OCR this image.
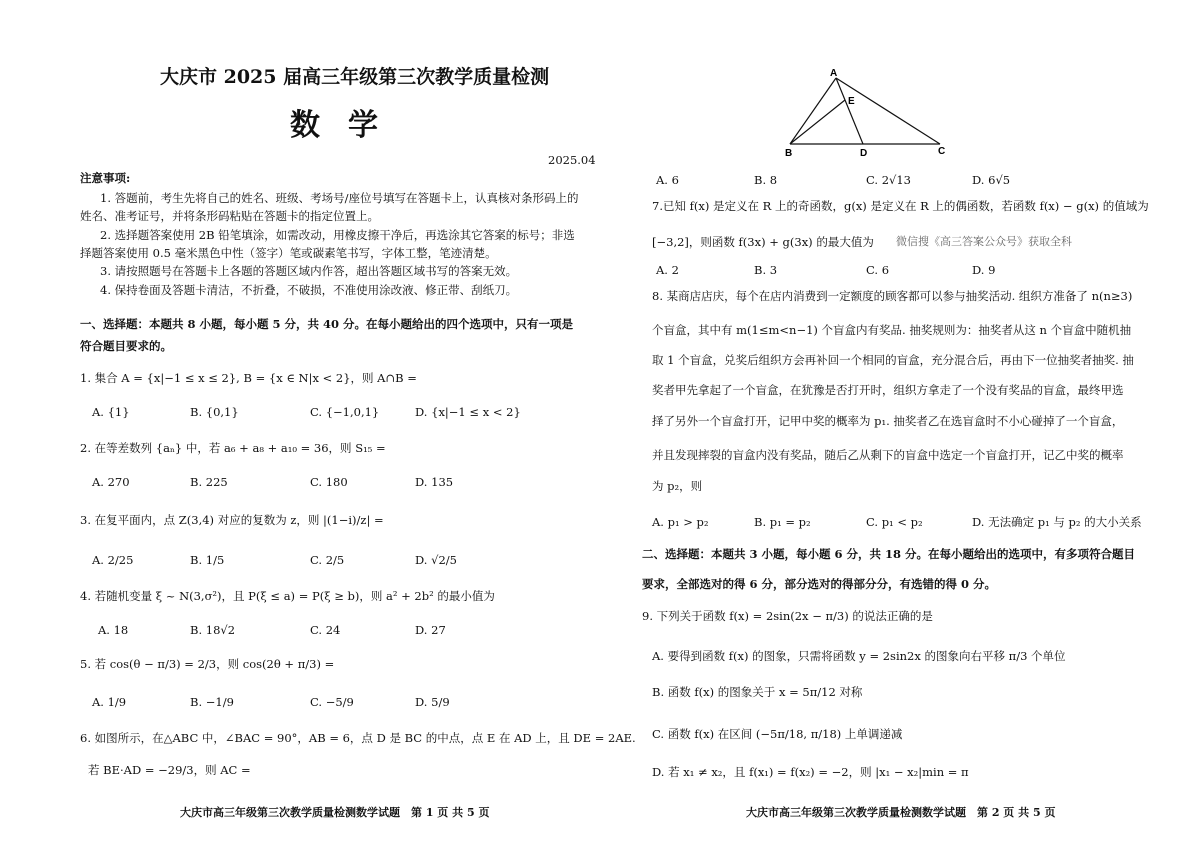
大庆市 2025 届高三年级第三次教学质量检测
数学
2025.04
注意事项:
1. 答题前，考生先将自己的姓名、班级、考场号/座位号填写在答题卡上，认真核对条形码上的姓名、准考证号，并将条形码粘贴在答题卡的指定位置上。
2. 选择题答案使用 2B 铅笔填涂，如需改动，用橡皮擦干净后，再选涂其它答案的标号；非选择题答案使用 0.5 毫米黑色中性（签字）笔或碳素笔书写，字体工整，笔迹清楚。
3. 请按照题号在答题卡上各题的答题区域内作答，超出答题区域书写的答案无效。
4. 保持卷面及答题卡清洁，不折叠，不破损，不准使用涂改液、修正带、刮纸刀。
一、选择题：本题共 8 小题，每小题 5 分，共 40 分。在每小题给出的四个选项中，只有一项是
符合题目要求的。
1. 集合 A = {x|−1 ≤ x ≤ 2}, B = {x ∈ N|x < 2}，则 A∩B =
A. {1}	B. {0,1}	C. {−1,0,1}	D. {x|−1 ≤ x < 2}
2. 在等差数列 {aₙ} 中，若 a₆ + a₈ + a₁₀ = 36，则 S₁₅ =
A. 270	B. 225	C. 180	D. 135
3. 在复平面内，点 Z(3,4) 对应的复数为 z，则 |(1−i)/z| =
A. 2/25	B. 1/5	C. 2/5	D. √2/5
4. 若随机变量 ξ ~ N(3,σ²)，且 P(ξ ≤ a) = P(ξ ≥ b)，则 a² + 2b² 的最小值为
A. 18	B. 18√2	C. 24	D. 27
5. 若 cos(θ − π/3) = 2/3，则 cos(2θ + π/3) =
A. 1/9	B. −1/9	C. −5/9	D. 5/9
6. 如图所示，在△ABC 中，∠BAC = 90°，AB = 6，点 D 是 BC 的中点，点 E 在 AD 上，且 DE = 2AE.
若 BE·AD = −29/3，则 AC =
大庆市高三年级第三次教学质量检测数学试题　第 1 页 共 5 页
A
E
B	D	C
A. 6	B. 8	C. 2√13	D. 6√5
7.已知 f(x) 是定义在 R 上的奇函数，g(x) 是定义在 R 上的偶函数，若函数 f(x) − g(x) 的值域为
[−3,2]，则函数 f(3x) + g(3x) 的最大值为 微信搜《高三答案公众号》获取全科
A. 2	B. 3	C. 6	D. 9
8. 某商店店庆，每个在店内消费到一定额度的顾客都可以参与抽奖活动. 组织方准备了 n(n≥3)
个盲盒，其中有 m(1≤m<n−1) 个盲盒内有奖品. 抽奖规则为：抽奖者从这 n 个盲盒中随机抽
取 1 个盲盒，兑奖后组织方会再补回一个相同的盲盒，充分混合后，再由下一位抽奖者抽奖. 抽
奖者甲先拿起了一个盲盒，在犹豫是否打开时，组织方拿走了一个没有奖品的盲盒，最终甲选
择了另外一个盲盒打开，记甲中奖的概率为 p₁. 抽奖者乙在选盲盒时不小心碰掉了一个盲盒，
并且发现摔裂的盲盒内没有奖品，随后乙从剩下的盲盒中选定一个盲盒打开，记乙中奖的概率
为 p₂，则
A. p₁ > p₂	B. p₁ = p₂	C. p₁ < p₂	D. 无法确定 p₁ 与 p₂ 的大小关系
二、选择题：本题共 3 小题，每小题 6 分，共 18 分。在每小题给出的选项中，有多项符合题目
要求，全部选对的得 6 分，部分选对的得部分分，有选错的得 0 分。
9. 下列关于函数 f(x) = 2sin(2x − π/3) 的说法正确的是
A. 要得到函数 f(x) 的图象，只需将函数 y = 2sin2x 的图象向右平移 π/3 个单位
B. 函数 f(x) 的图象关于 x = 5π/12 对称
C. 函数 f(x) 在区间 (−5π/18, π/18) 上单调递减
D. 若 x₁ ≠ x₂，且 f(x₁) = f(x₂) = −2，则 |x₁ − x₂|min = π
大庆市高三年级第三次教学质量检测数学试题　第 2 页 共 5 页
